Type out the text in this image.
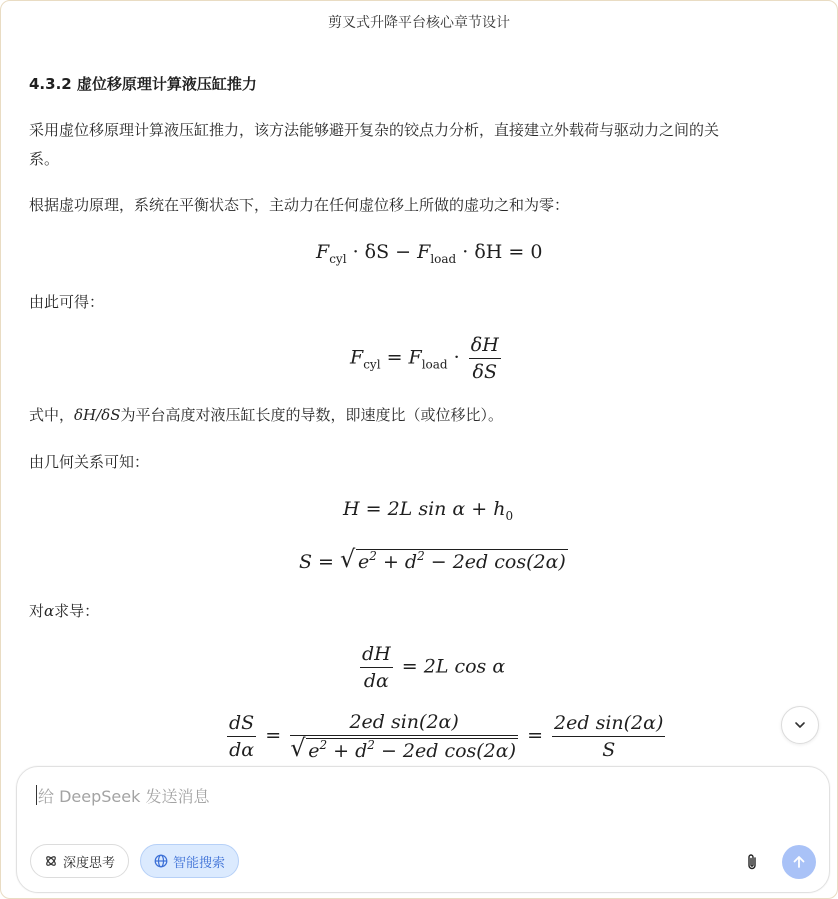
剪叉式升降平台核心章节设计
4.3.2 虚位移原理计算液压缸推力
采用虚位移原理计算液压缸推力，该方法能够避开复杂的铰点力分析，直接建立外载荷与驱动力之间的关
系。
根据虚功原理，系统在平衡状态下，主动力在任何虚位移上所做的虚功之和为零：
$F_{cyl} \cdot \delta S - F_{load} \cdot \delta H = 0$
由此可得：
$F_{cyl} = F_{load} \cdot \frac{\delta H}{\delta S}$
式中，δH/δS为平台高度对液压缸长度的导数，即速度比（或位移比）。
由几何关系可知：
H = 2L $\sin \alpha + h_0$
S = √ $e^2 + d^2 - 2ed$ cos(2α)
对α求导：
$\frac{dH}{d\alpha} = 2L$ cos α
$\frac{dS}{d\alpha} = \frac{\text{2ed sin(2α)}}{√ e^2 + d^2 - 2ed \cos(2\alpha)} = \frac{\text{2ed sin(2α)}}{S}$
给 DeepSeek 发送消息
深度思考	智能搜索
